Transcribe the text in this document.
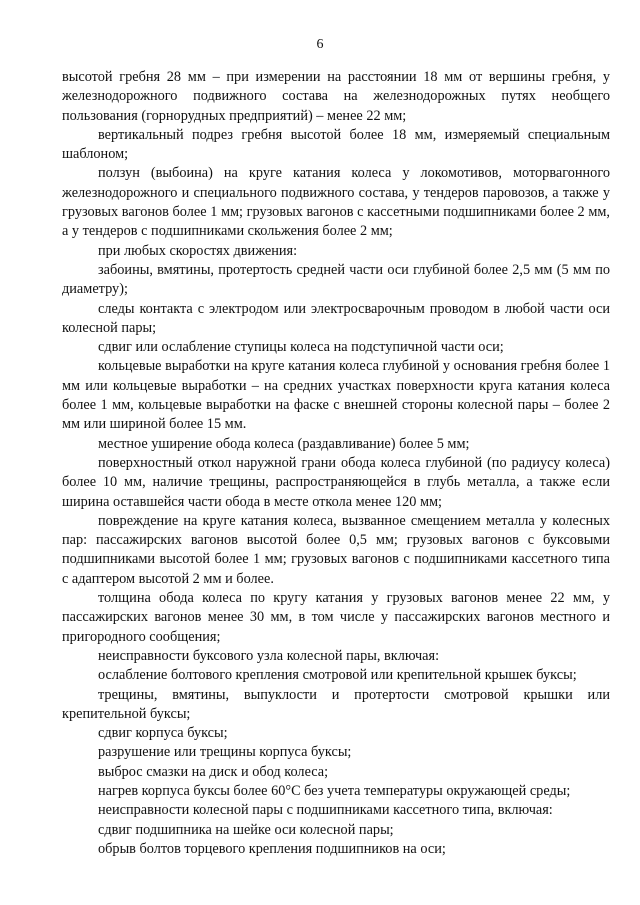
6

высотой гребня 28 мм – при измерении на расстоянии 18 мм от вершины гребня, у железнодорожного подвижного состава на железнодорожных путях необщего пользования (горнорудных предприятий) – менее 22 мм;

вертикальный подрез гребня высотой более 18 мм, измеряемый специальным шаблоном;

ползун (выбоина) на круге катания колеса у локомотивов, моторвагонного железнодорожного и специального подвижного состава, у тендеров паровозов, а также у грузовых вагонов более 1 мм; грузовых вагонов с кассетными подшипниками более 2 мм, а у тендеров с подшипниками скольжения более 2 мм;

при любых скоростях движения:

забоины, вмятины, протертость средней части оси глубиной более 2,5 мм (5 мм по диаметру);

следы контакта с электродом или электросварочным проводом в любой части оси колесной пары;

сдвиг или ослабление ступицы колеса на подступичной части оси;

кольцевые выработки на круге катания колеса глубиной у основания гребня более 1 мм или кольцевые выработки – на средних участках поверхности круга катания колеса более 1 мм, кольцевые выработки на фаске с внешней стороны колесной пары – более 2 мм или шириной более 15 мм.

местное уширение обода колеса (раздавливание) более 5 мм;

поверхностный откол наружной грани обода колеса глубиной (по радиусу колеса) более 10 мм, наличие трещины, распространяющейся в глубь металла, а также если ширина оставшейся части обода в месте откола менее 120 мм;

повреждение на круге катания колеса, вызванное смещением металла у колесных пар: пассажирских вагонов высотой более 0,5 мм; грузовых вагонов с буксовыми подшипниками высотой более 1 мм; грузовых вагонов с подшипниками кассетного типа с адаптером высотой 2 мм и более.

толщина обода колеса по кругу катания у грузовых вагонов менее 22 мм, у пассажирских вагонов менее 30 мм, в том числе у пассажирских вагонов местного и пригородного сообщения;

неисправности буксового узла колесной пары, включая:

ослабление болтового крепления смотровой или крепительной крышек буксы;

трещины, вмятины, выпуклости и протертости смотровой крышки или крепительной буксы;

сдвиг корпуса буксы;

разрушение или трещины корпуса буксы;

выброс смазки на диск и обод колеса;

нагрев корпуса буксы более 60°С без учета температуры окружающей среды;

неисправности колесной пары с подшипниками кассетного типа, включая:

сдвиг подшипника на шейке оси колесной пары;

обрыв болтов торцевого крепления подшипников на оси;
